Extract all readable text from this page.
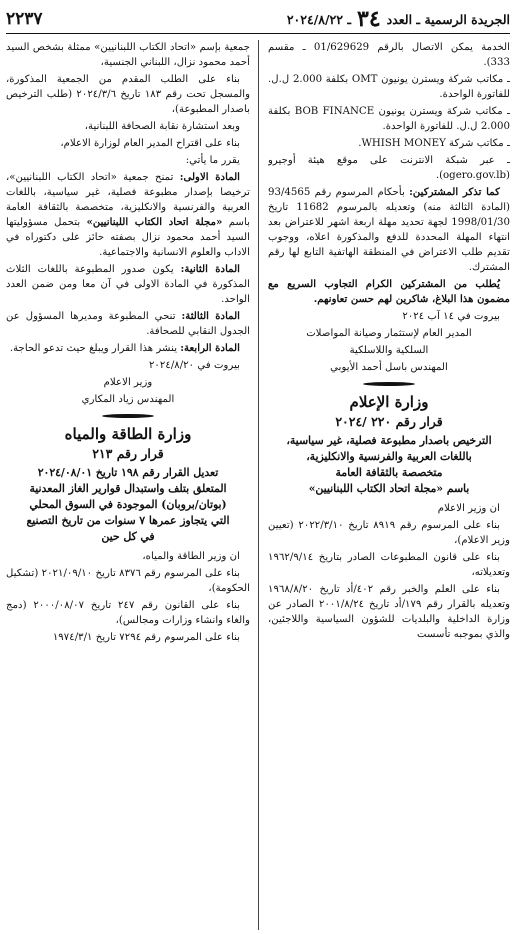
الجريدة الرسمية ـ العدد
٣٤
ـ ٢٠٢٤/٨/٢٢
٢٢٣٧

الخدمة يمكن الاتصال بالرقم 01/629629 ـ مقسم 333).

ـ مكاتب شركة ويسترن يونيون OMT بكلفة 2.000 ل.ل. للفاتورة الواحدة.

ـ مكاتب شركة ويسترن يونيون BOB FINANCE بكلفة 2.000 ل.ل. للفاتورة الواحدة.

ـ مكاتب شركة WHISH MONEY.

ـ عبر شبكة الانترنت على موقع هيئة أوجيرو (ogero.gov.lb).

كما تذكر المشتركين: بأحكام المرسوم رقم 93/4565 (المادة الثالثة منه) وتعديله بالمرسوم 11682 تاريخ 1998/01/30 لجهة تحديد مهلة اربعة اشهر للاعتراض بعد انتهاء المهلة المحددة للدفع والمذكورة اعلاه، ووجوب تقديم طلب الاعتراض في المنطقة الهاتفية التابع لها رقم المشترك.

يُطلب من المشتركين الكرام التجاوب السريع مع مضمون هذا البلاغ، شاكرين لهم حسن تعاونهم.

بيروت في ١٤ آب ٢٠٢٤

المدير العام لإستثمار وصيانة المواصلات

السلكية واللاسلكية

المهندس باسل أحمد الأيوبي

وزارة الإعلام
قرار رقم ٢٢٠ /٢٠٢٤
الترخيص باصدار مطبوعة فصلية، غير سياسية،
باللغات العربية والفرنسية والانكليزية،
متخصصة بالثقافة العامة
باسم «مجلة اتحاد الكتاب اللبنانيين»

ان وزير الاعلام

بناء على المرسوم رقم ٨٩١٩ تاريخ ٢٠٢٢/٣/١٠ (تعيين وزير الاعلام)،

بناء على قانون المطبوعات الصادر بتاريخ ١٩٦٢/٩/١٤ وتعديلاته،

بناء على العلم والخبر رقم ٤٠٢/أد تاريخ ١٩٦٨/٨/٢٠ وتعديله بالقرار رقم ١٧٩/أد تاريخ ٢٠٠١/٨/٢٤ الصادر عن وزارة الداخلية والبلديات للشؤون السياسية واللاجئين، والذي بموجبه تأسست

جمعية بإسم «اتحاد الكتاب اللبنانيين» ممثلة بشخص السيد أحمد محمود نزال، اللبناني الجنسية،

بناء على الطلب المقدم من الجمعية المذكورة، والمسجل تحت رقم ١٨٣ تاريخ ٢٠٢٤/٣/٦ (طلب الترخيص باصدار المطبوعة)،

وبعد استشارة نقابة الصحافة اللبنانية،

بناء على اقتراح المدير العام لوزارة الاعلام،

يقرر ما يأتي:

المادة الاولى: تمنح جمعية «اتحاد الكتاب اللبنانيين»، ترخيصا بإصدار مطبوعة فصلية، غير سياسية، باللغات العربية والفرنسية والانكليزية، متخصصة بالثقافة العامة باسم «مجلة اتحاد الكتاب اللبنانيين» بتحمل مسؤوليتها السيد أحمد محمود نزال بصفته حائز على دكتوراه في الاداب والعلوم الانسانية والاجتماعية.

المادة الثانية: يكون صدور المطبوعة باللغات الثلاث المذكورة في المادة الاولى في آن معا ومن ضمن العدد الواحد.

المادة الثالثة: تنحي المطبوعة ومديرها المسؤول عن الجدول النقابي للصحافة.

المادة الرابعة: ينشر هذا القرار ويبلغ حيث تدعو الحاجة.

بيروت في ٢٠٢٤/٨/٢٠

وزير الاعلام

المهندس زياد المكاري

وزارة الطاقة والمياه
قرار رقم ٢١٣
تعديل القرار رقم ١٩٨ تاريخ ٢٠٢٤/٠٨/٠١
المتعلق بتلف واستبدال قوارير الغاز المعدنية
(بوتان/بروبان) الموجودة في السوق المحلي
التي يتجاوز عمرها ٧ سنوات من تاريخ التصنيع
في كل حين

ان وزير الطاقة والمياه،

بناء على المرسوم رقم ٨٣٧٦ تاريخ ٢٠٢١/٠٩/١٠ (تشكيل الحكومة)،

بناء على القانون رقم ٢٤٧ تاريخ ٢٠٠٠/٠٨/٠٧ (دمج والغاء وانشاء وزارات ومجالس)،

بناء على المرسوم رقم ٧٢٩٤ تاريخ ١٩٧٤/٣/١
